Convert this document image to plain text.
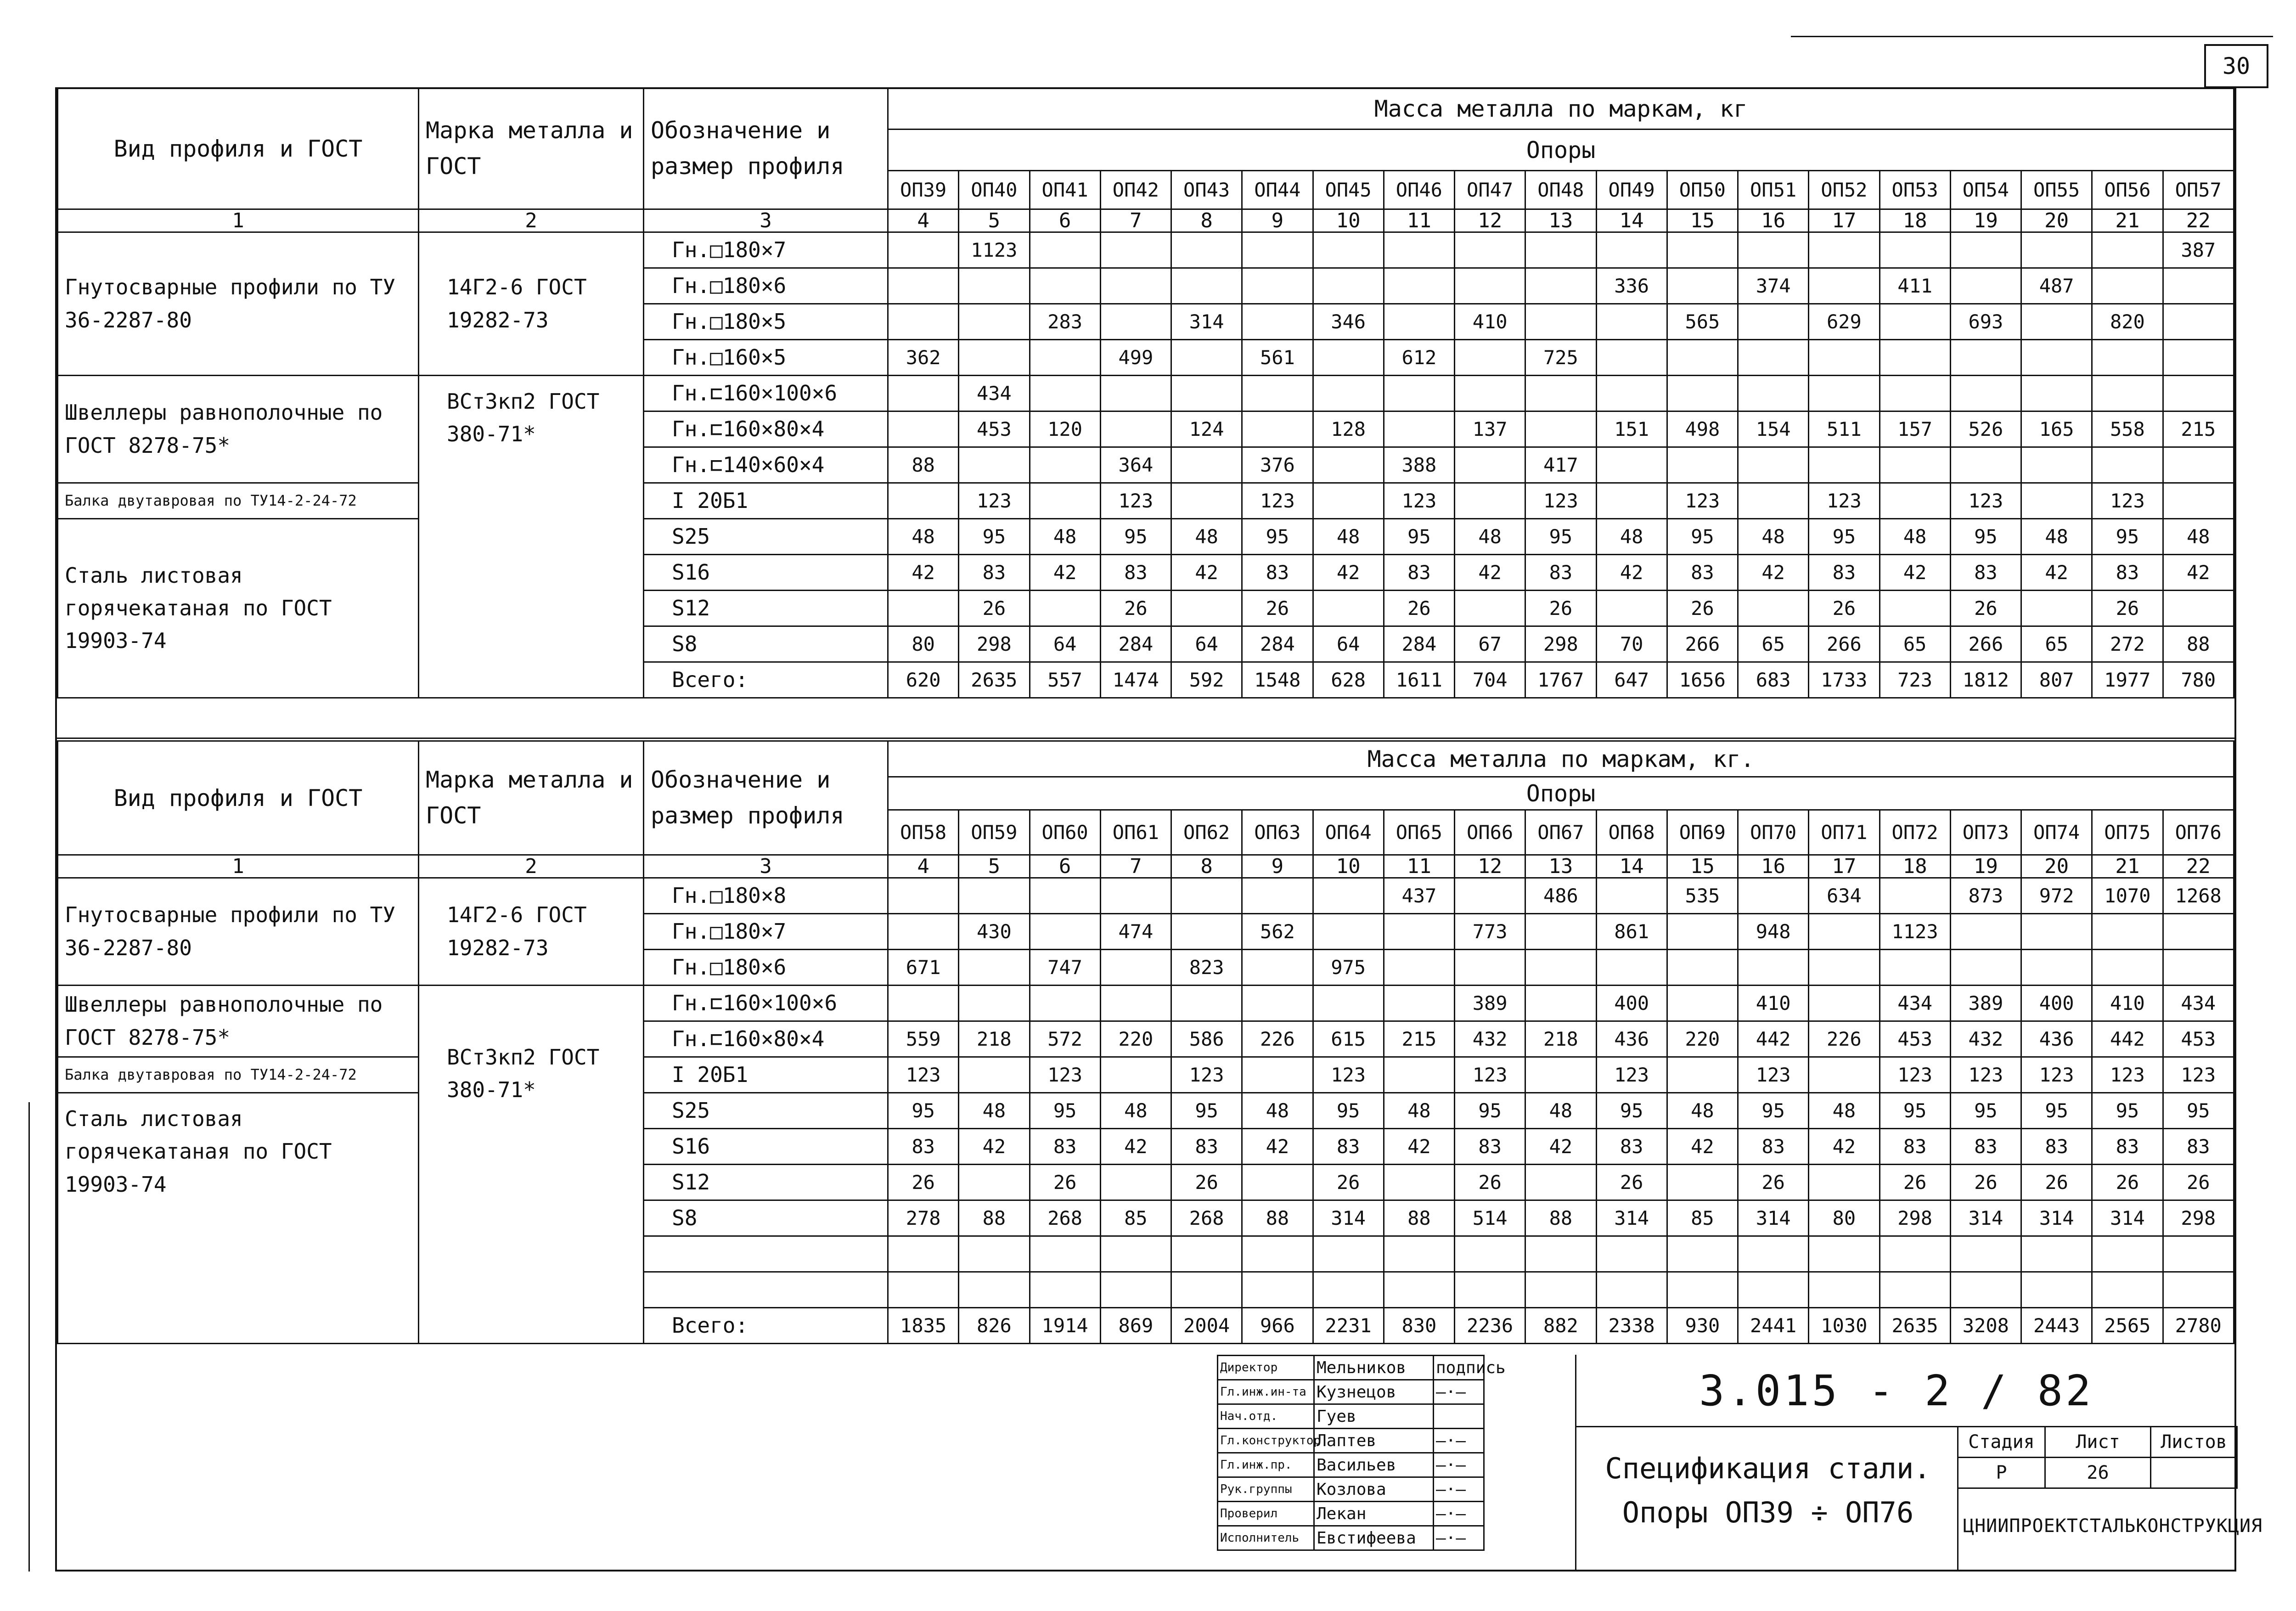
30
Вид профиля и ГОСТ	Марка металла и ГОСТ	Обозначение и размер профиля	Масса металла по маркам, кг																		
			Опоры																		
			ОП39	ОП40	ОП41	ОП42	ОП43	ОП44	ОП45	ОП46	ОП47	ОП48	ОП49	ОП50	ОП51	ОП52	ОП53	ОП54	ОП55	ОП56	ОП57
1	2	3	4	5	6	7	8	9	10	11	12	13	14	15	16	17	18	19	20	21	22
Гнутосварные профили по ТУ 36-2287-80	14Г2-6 ГОСТ 19282-73	Гн.□180×7		1123																	387
		Гн.□180×6											336		374		411		487		
		Гн.□180×5			283		314		346		410			565		629		693		820	
		Гн.□160×5	362			499		561		612		725									
Швеллеры равнополочные по ГОСТ 8278-75*	ВСт3кп2 ГОСТ 380-71*	Гн.⊏160×100×6		434																	
		Гн.⊏160×80×4		453	120		124		128		137		151	498	154	511	157	526	165	558	215
		Гн.⊏140×60×4	88			364		376		388		417									
Балка двутавровая по ТУ14-2-24-72		I 20Б1		123		123		123		123		123		123		123		123		123	
Сталь листовая горячекатаная по ГОСТ 19903-74		S25	48	95	48	95	48	95	48	95	48	95	48	95	48	95	48	95	48	95	48
		S16	42	83	42	83	42	83	42	83	42	83	42	83	42	83	42	83	42	83	42
		S12		26		26		26		26		26		26		26		26		26	
		S8	80	298	64	284	64	284	64	284	67	298	70	266	65	266	65	266	65	272	88
		Всего:	620	2635	557	1474	592	1548	628	1611	704	1767	647	1656	683	1733	723	1812	807	1977	780
Вид профиля и ГОСТ	Марка металла и ГОСТ	Обозначение и размер профиля	Масса металла по маркам, кг.																		
			Опоры																		
			ОП58	ОП59	ОП60	ОП61	ОП62	ОП63	ОП64	ОП65	ОП66	ОП67	ОП68	ОП69	ОП70	ОП71	ОП72	ОП73	ОП74	ОП75	ОП76
1	2	3	4	5	6	7	8	9	10	11	12	13	14	15	16	17	18	19	20	21	22
Гнутосварные профили по ТУ 36-2287-80	14Г2-6 ГОСТ 19282-73	Гн.□180×8								437		486		535		634		873	972	1070	1268
		Гн.□180×7		430		474		562			773		861		948		1123				
		Гн.□180×6	671		747		823		975												
Швеллеры равнополочные по ГОСТ 8278-75*	ВСт3кп2 ГОСТ 380-71*	Гн.⊏160×100×6									389		400		410		434	389	400	410	434
		Гн.⊏160×80×4	559	218	572	220	586	226	615	215	432	218	436	220	442	226	453	432	436	442	453
Балка двутавровая по ТУ14-2-24-72		I 20Б1	123		123		123		123		123		123		123		123	123	123	123	123
Сталь листовая горячекатаная по ГОСТ 19903-74		S25	95	48	95	48	95	48	95	48	95	48	95	48	95	48	95	95	95	95	95
		S16	83	42	83	42	83	42	83	42	83	42	83	42	83	42	83	83	83	83	83
		S12	26		26		26		26		26		26		26		26	26	26	26	26
		S8	278	88	268	85	268	88	314	88	514	88	314	85	314	80	298	314	314	314	298

		Всего:	1835	826	1914	869	2004	966	2231	830	2236	882	2338	930	2441	1030	2635	3208	2443	2565	2780
Директор	Мельников	подпись
Гл.инж.ин-та	Кузнецов	—·—
Нач.отд.	Гуев	
Гл.конструктор	Лаптев	—·—
Гл.инж.пр.	Васильев	—·—
Рук.группы	Козлова	—·—
Проверил	Лекан	—·—
Исполнитель	Евстифеева	—·—
3.015 - 2 / 82
Спецификация стали.
Опоры ОП39 ÷ ОП76
Стадия	Лист	Листов
Р	26	
ЦНИИПРОЕКТСТАЛЬКОНСТРУКЦИЯ
